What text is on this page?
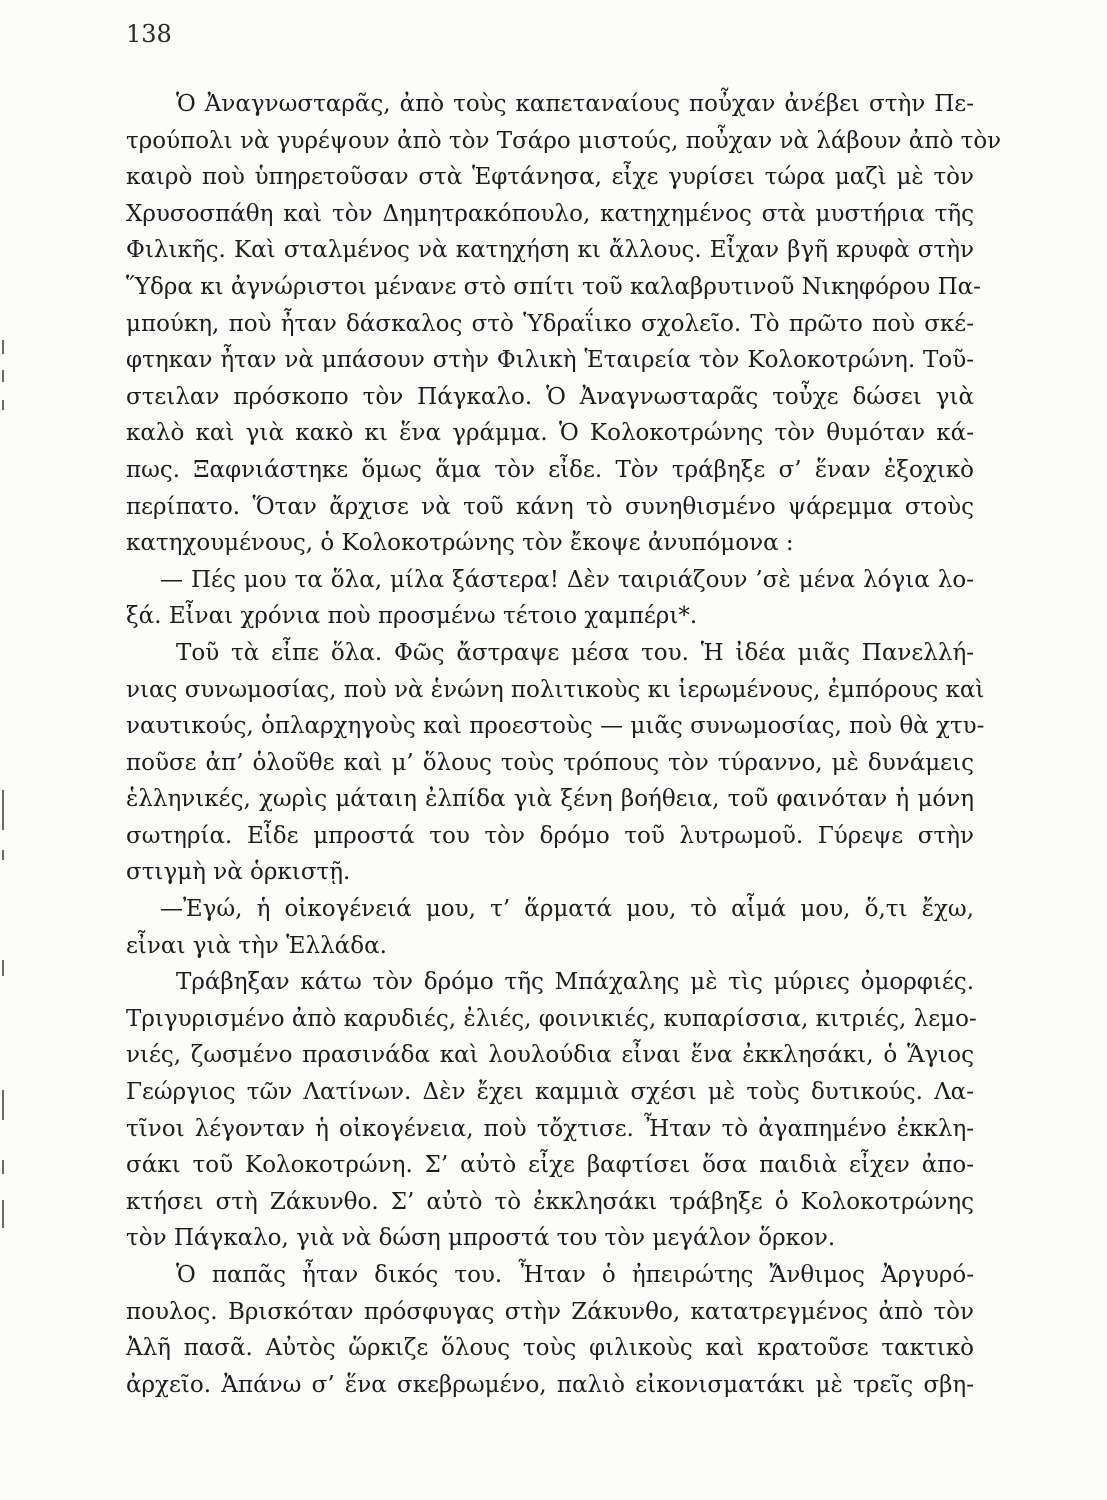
138

Ὁ Ἀναγνωσταρᾶς, ἀπὸ τοὺς καπεταναίους ποὖχαν ἀνέβει στὴν Πε-
τρούπολι νὰ γυρέψουν ἀπὸ τὸν Τσάρο μιστούς, ποὖχαν νὰ λάβουν ἀπὸ τὸν
καιρὸ ποὺ ὑπηρετοῦσαν στὰ Ἑφτάνησα, εἶχε γυρίσει τώρα μαζὶ μὲ τὸν
Χρυσοσπάθη καὶ τὸν Δημητρακόπουλο, κατηχημένος στὰ μυστήρια τῆς
Φιλικῆς. Καὶ σταλμένος νὰ κατηχήση κι ἄλλους. Εἶχαν βγῆ κρυφὰ στὴν
Ὕδρα κι ἀγνώριστοι μένανε στὸ σπίτι τοῦ καλαβρυτινοῦ Νικηφόρου Πα-
μπούκη, ποὺ ἦταν δάσκαλος στὸ Ὑδραΐικο σχολεῖο. Τὸ πρῶτο ποὺ σκέ-
φτηκαν ἦταν νὰ μπάσουν στὴν Φιλικὴ Ἑταιρεία τὸν Κολοκοτρώνη. Τοῦ-
στειλαν πρόσκοπο τὸν Πάγκαλο. Ὁ Ἀναγνωσταρᾶς τοὖχε δώσει γιὰ
καλὸ καὶ γιὰ κακὸ κι ἕνα γράμμα. Ὁ Κολοκοτρώνης τὸν θυμόταν κά-
πως. Ξαφνιάστηκε ὅμως ἅμα τὸν εἶδε. Τὸν τράβηξε σ’ ἕναν ἐξοχικὸ
περίπατο. Ὅταν ἄρχισε νὰ τοῦ κάνη τὸ συνηθισμένο ψάρεμμα στοὺς
κατηχουμένους, ὁ Κολοκοτρώνης τὸν ἔκοψε ἀνυπόμονα :
— Πές μου τα ὅλα, μίλα ξάστερα! Δὲν ταιριάζουν ’σὲ μένα λόγια λο-
ξά. Εἶναι χρόνια ποὺ προσμένω τέτοιο χαμπέρι*.
Τοῦ τὰ εἶπε ὅλα. Φῶς ἄστραψε μέσα του. Ἡ ἰδέα μιᾶς Πανελλή-
νιας συνωμοσίας, ποὺ νὰ ἑνώνη πολιτικοὺς κι ἱερωμένους, ἐμπόρους καὶ
ναυτικούς, ὁπλαρχηγοὺς καὶ προεστοὺς — μιᾶς συνωμοσίας, ποὺ θὰ χτυ-
ποῦσε ἀπ’ ὁλοῦθε καὶ μ’ ὅλους τοὺς τρόπους τὸν τύραννο, μὲ δυνάμεις
ἑλληνικές, χωρὶς μάταιη ἐλπίδα γιὰ ξένη βοήθεια, τοῦ φαινόταν ἡ μόνη
σωτηρία. Εἶδε μπροστά του τὸν δρόμο τοῦ λυτρωμοῦ. Γύρεψε στὴν
στιγμὴ νὰ ὁρκιστῇ.
—Ἐγώ, ἡ οἰκογένειά μου, τ’ ἅρματά μου, τὸ αἷμά μου, ὅ,τι ἔχω,
εἶναι γιὰ τὴν Ἑλλάδα.
Τράβηξαν κάτω τὸν δρόμο τῆς Μπάχαλης μὲ τὶς μύριες ὀμορφιές.
Τριγυρισμένο ἀπὸ καρυδιές, ἐλιές, φοινικιές, κυπαρίσσια, κιτριές, λεμο-
νιές, ζωσμένο πρασινάδα καὶ λουλούδια εἶναι ἕνα ἐκκλησάκι, ὁ Ἅγιος
Γεώργιος τῶν Λατίνων. Δὲν ἔχει καμμιὰ σχέσι μὲ τοὺς δυτικούς. Λα-
τῖνοι λέγονταν ἡ οἰκογένεια, ποὺ τὄχτισε. Ἦταν τὸ ἀγαπημένο ἐκκλη-
σάκι τοῦ Κολοκοτρώνη. Σ’ αὐτὸ εἶχε βαφτίσει ὅσα παιδιὰ εἶχεν ἀπο-
κτήσει στὴ Ζάκυνθο. Σ’ αὐτὸ τὸ ἐκκλησάκι τράβηξε ὁ Κολοκοτρώνης
τὸν Πάγκαλο, γιὰ νὰ δώση μπροστά του τὸν μεγάλον ὅρκον.
Ὁ παπᾶς ἦταν δικός του. Ἦταν ὁ ἠπειρώτης Ἄνθιμος Ἀργυρό-
πουλος. Βρισκόταν πρόσφυγας στὴν Ζάκυνθο, κατατρεγμένος ἀπὸ τὸν
Ἀλῆ πασᾶ. Αὐτὸς ὥρκιζε ὅλους τοὺς φιλικοὺς καὶ κρατοῦσε τακτικὸ
ἀρχεῖο. Ἀπάνω σ’ ἕνα σκεβρωμένο, παλιὸ εἰκονισματάκι μὲ τρεῖς σβη-
